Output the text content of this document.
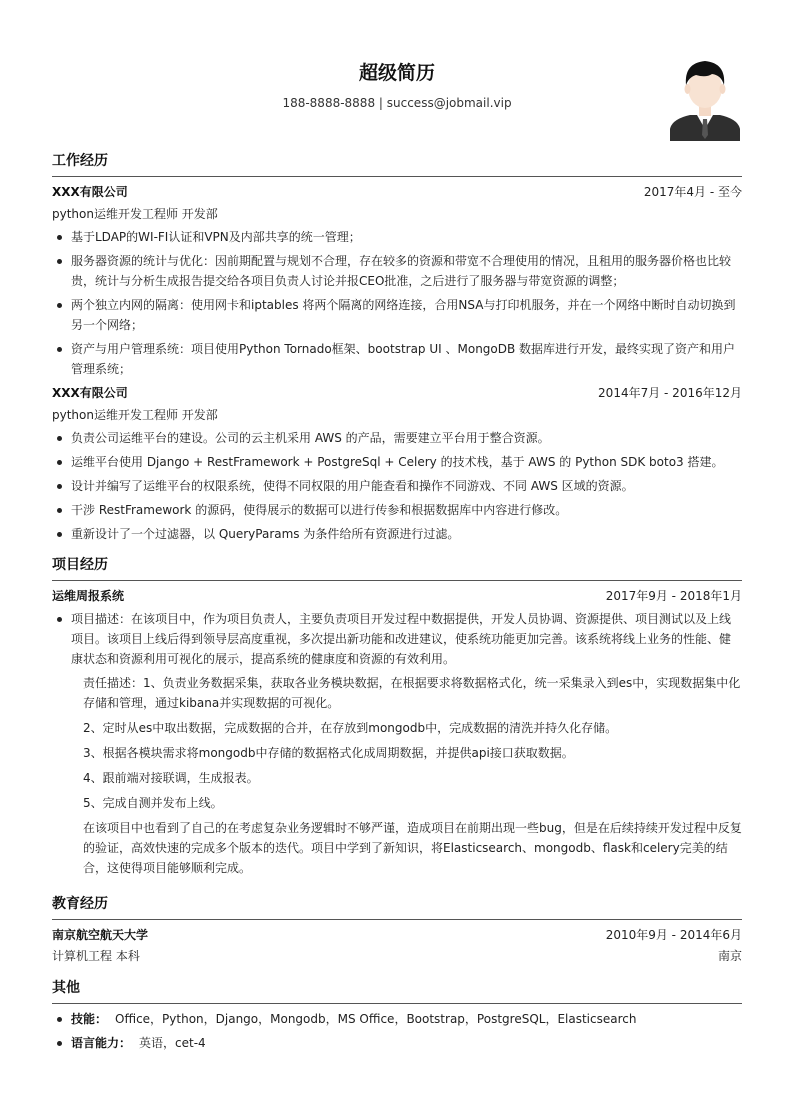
超级简历
188-8888-8888 | success@jobmail.vip
工作经历
XXX有限公司	2017年4月 - 至今
python运维开发工程师 开发部
基于LDAP的WI-FI认证和VPN及内部共享的统一管理；
服务器资源的统计与优化：因前期配置与规划不合理，存在较多的资源和带宽不合理使用的情况，且租用的服务器价格也比较贵，统计与分析生成报告提交给各项目负责人讨论并报CEO批准，之后进行了服务器与带宽资源的调整；
两个独立内网的隔离：使用网卡和iptables 将两个隔离的网络连接，合用NSA与打印机服务，并在一个网络中断时自动切换到另一个网络；
资产与用户管理系统：项目使用Python Tornado框架、bootstrap UI 、MongoDB 数据库进行开发，最终实现了资产和用户管理系统；
XXX有限公司	2014年7月 - 2016年12月
python运维开发工程师 开发部
负责公司运维平台的建设。公司的云主机采用 AWS 的产品，需要建立平台用于整合资源。
运维平台使用 Django + RestFramework + PostgreSql + Celery 的技术栈，基于 AWS 的 Python SDK boto3 搭建。
设计并编写了运维平台的权限系统，使得不同权限的用户能查看和操作不同游戏、不同 AWS 区域的资源。
干涉 RestFramework 的源码，使得展示的数据可以进行传参和根据数据库中内容进行修改。
重新设计了一个过滤器，以 QueryParams 为条件给所有资源进行过滤。
项目经历
运维周报系统	2017年9月 - 2018年1月
项目描述：在该项目中，作为项目负责人，主要负责项目开发过程中数据提供，开发人员协调、资源提供、项目测试以及上线项目。该项目上线后得到领导层高度重视，多次提出新功能和改进建议，使系统功能更加完善。该系统将线上业务的性能、健康状态和资源利用可视化的展示，提高系统的健康度和资源的有效利用。
责任描述：1、负责业务数据采集，获取各业务模块数据，在根据要求将数据格式化，统一采集录入到es中，实现数据集中化存储和管理，通过kibana并实现数据的可视化。
2、定时从es中取出数据，完成数据的合并，在存放到mongodb中，完成数据的清洗并持久化存储。
3、根据各模块需求将mongodb中存储的数据格式化成周期数据，并提供api接口获取数据。
4、跟前端对接联调，生成报表。
5、完成自测并发布上线。
在该项目中也看到了自己的在考虑复杂业务逻辑时不够严谨，造成项目在前期出现一些bug，但是在后续持续开发过程中反复的验证，高效快速的完成多个版本的迭代。项目中学到了新知识，将Elasticsearch、mongodb、flask和celery完美的结合，这使得项目能够顺利完成。
教育经历
南京航空航天大学	2010年9月 - 2014年6月
计算机工程 本科	南京
其他
技能： Office，Python，Django，Mongodb，MS Office，Bootstrap，PostgreSQL，Elasticsearch
语言能力： 英语，cet-4
